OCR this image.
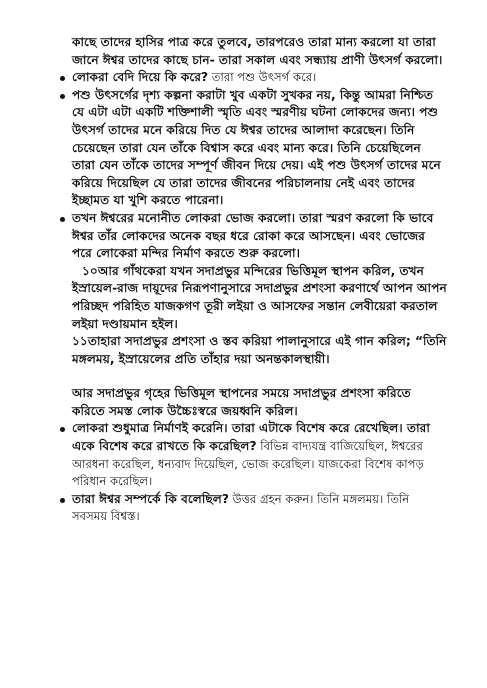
কাছে তাদের হাসির পাত্র করে তুলবে, তারপরেও তারা মান্য করলো যা তারা জানে ঈশ্বর তাদের কাছে চান- তারা সকাল এবং সন্ধ্যায় প্রাণী উৎসর্গ করলো।

লোকরা বেদি দিয়ে কি করে? তারা পশু উৎসর্গ করে।

পশু উৎসর্গের দৃশ্য কল্পনা করাটা খুব একটা সুখকর নয়, কিন্তু আমরা নিশ্চিত যে এটা এটা একটি শক্তিশালী স্মৃতি এবং স্মরণীয় ঘটনা লোকদের জন্য। পশু উৎসর্গ তাদের মনে করিয়ে দিত যে ঈশ্বর তাদের আলাদা করেছেন। তিনি চেয়েছেন তারা যেন তাঁকে বিশ্বাস করে এবং মান্য করে। তিনি চেয়েছিলেন তারা যেন তাঁকে তাদের সম্পূর্ণ জীবন দিয়ে দেয়। এই পশু উৎসর্গ তাদের মনে করিয়ে দিয়েছিল যে তারা তাদের জীবনের পরিচালনায় নেই এবং তাদের ইচ্ছামত যা খুশি করতে পারেনা।

তখন ঈশ্বরের মনোনীত লোকরা ভোজ করলো। তারা স্মরণ করলো কি ভাবে ঈশ্বর তাঁর লোকদের অনেক বছর ধরে রোকা করে আসছেন। এবং ভোজের পরে লোকেরা মন্দির নির্মাণ করতে শুরু করলো।

১০আর গাঁথকেরা যখন সদাপ্রভুর মন্দিরের ভিত্তিমূল স্থাপন করিল, তখন ইস্রায়েল-রাজ দায়ূদের নিরূপণানুসারে সদাপ্রভুর প্রশংসা করণার্থে আপন আপন পরিচ্ছদ পরিহিত যাজকগণ তূরী লইয়া ও আসফের সন্তান লেবীয়েরা করতাল লইয়া দণ্ডায়মান হইল।

১১তাহারা সদাপ্রভুর প্রশংসা ও স্তব করিয়া পালানুসারে এই গান করিল; “তিনি মঙ্গলময়, ইস্রায়েলের প্রতি তাঁহার দয়া অনন্তকালস্থায়ী।

আর সদাপ্রভুর গৃহের ভিত্তিমূল স্থাপনের সময়ে সদাপ্রভুর প্রশংসা করিতে করিতে সমস্ত লোক উচ্চৈঃস্বরে জয়ধ্বনি করিল।

লোকরা শুধুমাত্র নির্মাণই করেনি। তারা এটাকে বিশেষ করে রেখেছিল। তারা একে বিশেষ করে রাখতে কি করেছিল? বিভিন্ন বাদ্যযন্ত্র বাজিয়েছিল, ঈশ্বরের আরধনা করেছিল, ধন্যবাদ দিয়েছিল, ভোজ করেছিল। যাজকেরা বিশেষ কাপড় পরিধান করেছিল।

তারা ঈশ্বর সম্পর্কে কি বলেছিল? উত্তর গ্রহন করুন। তিনি মঙ্গলময়। তিনি সবসময় বিশ্বস্ত।
